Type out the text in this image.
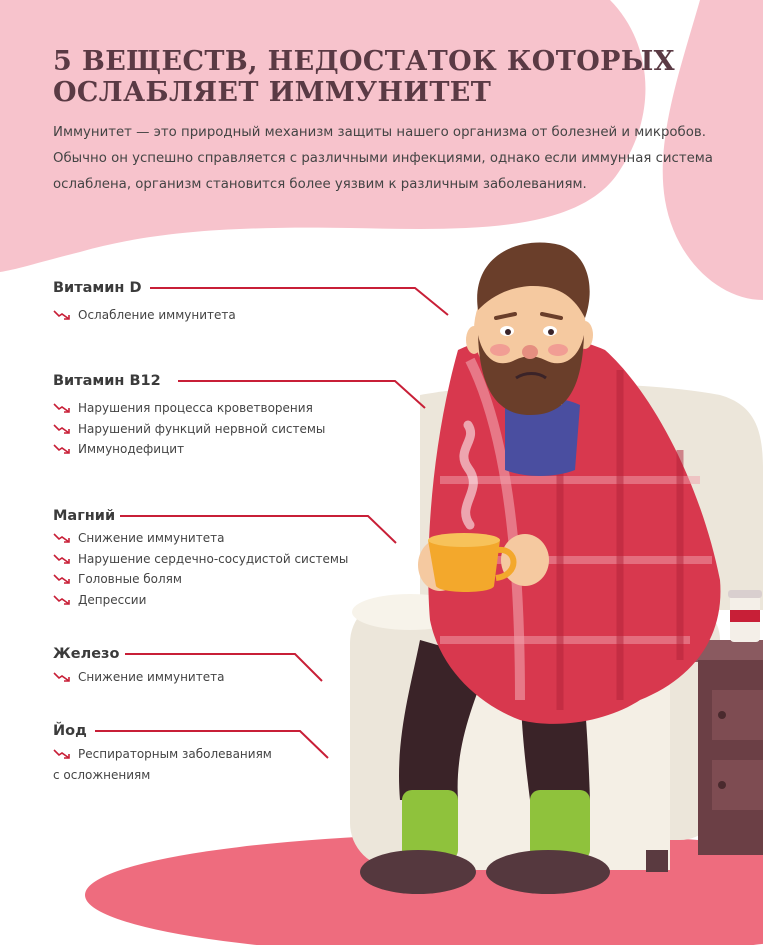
5 ВЕЩЕСТВ, НЕДОСТАТОК КОТОРЫХ
ОСЛАБЛЯЕТ ИММУНИТЕТ
Иммунитет — это природный механизм защиты нашего организма от болезней и микробов.
Обычно он успешно справляется с различными инфекциями, однако если иммунная система
ослаблена, организм становится более уязвим к различным заболеваниям.
Витамин D
Ослабление иммунитета
Витамин B12
Нарушения процесса кроветворения
Нарушений функций нервной системы
Иммунодефицит
Магний
Снижение иммунитета
Нарушение сердечно-сосудистой системы
Головные болям
Депрессии
Железо
Снижение иммунитета
Йод
Респираторным заболеваниям
с осложнениям
